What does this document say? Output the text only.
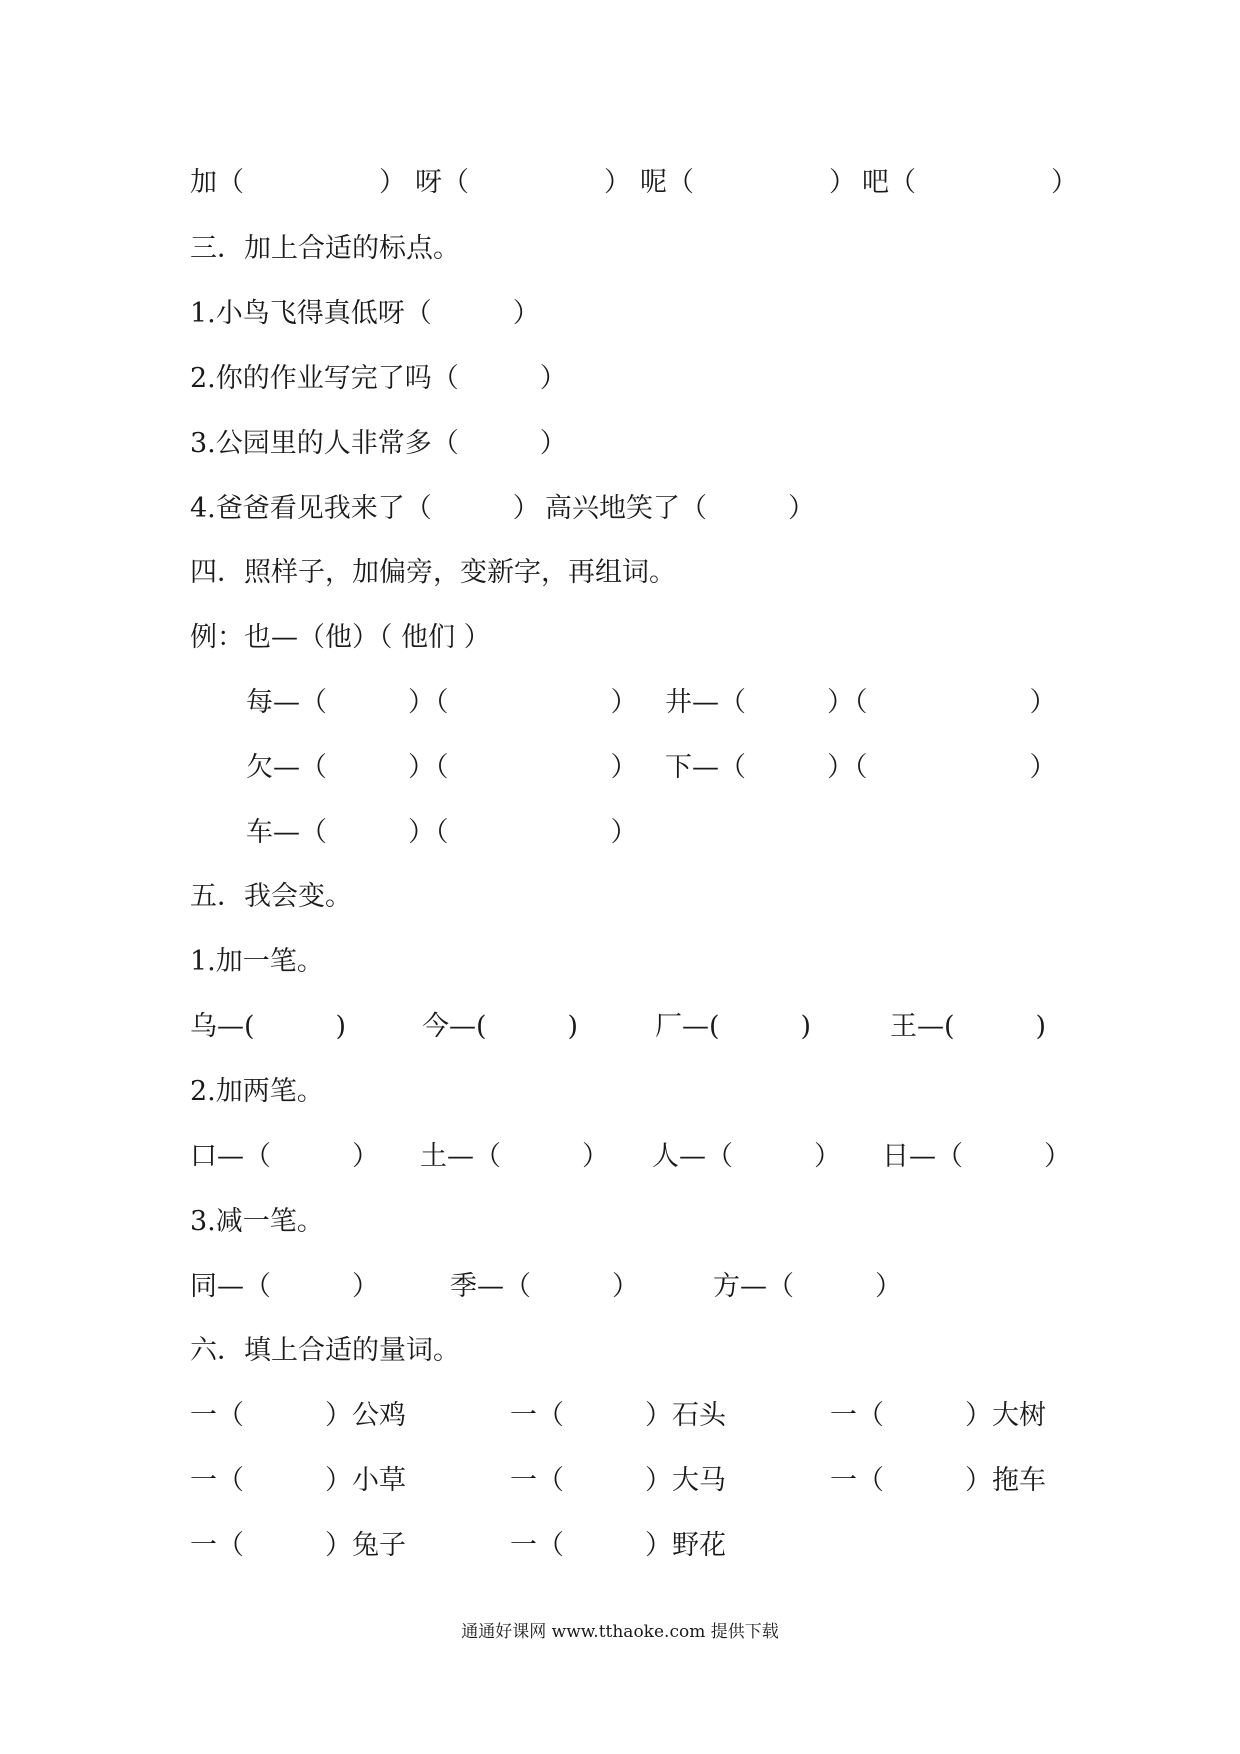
加（　　　　　） 呀（　　　　　） 呢（　　　　　） 吧（　　　　　）
三．加上合适的标点。
1.小鸟飞得真低呀（　　　）
2.你的作业写完了吗（　　　）
3.公园里的人非常多（　　　）
4.爸爸看见我来了（　　　） 高兴地笑了（　　　）
四．照样子，加偏旁，变新字，再组词。
例：也—（他）（ 他们 ）
每—（　　　）（　　　　　　） 井—（　　　）（　　　　　　）
欠—（　　　）（　　　　　　） 下—（　　　）（　　　　　　）
车—（　　　）（　　　　　　）
五．我会变。
1.加一笔。
乌—(　　　)	今—(　　　)	厂—(　　　)	王—(　　　)
2.加两笔。
口—（　　　） 土—（　　　） 人—（　　　） 日—（　　　）
3.减一笔。
同—（　　　）	季—（　　　）	方—（　　　）
六．填上合适的量词。
一（　　　）公鸡	一（　　　）石头	一（　　　）大树
一（　　　）小草	一（　　　）大马	一（　　　）拖车
一（　　　）兔子	一（　　　）野花
通通好课网 www.tthaoke.com 提供下载
